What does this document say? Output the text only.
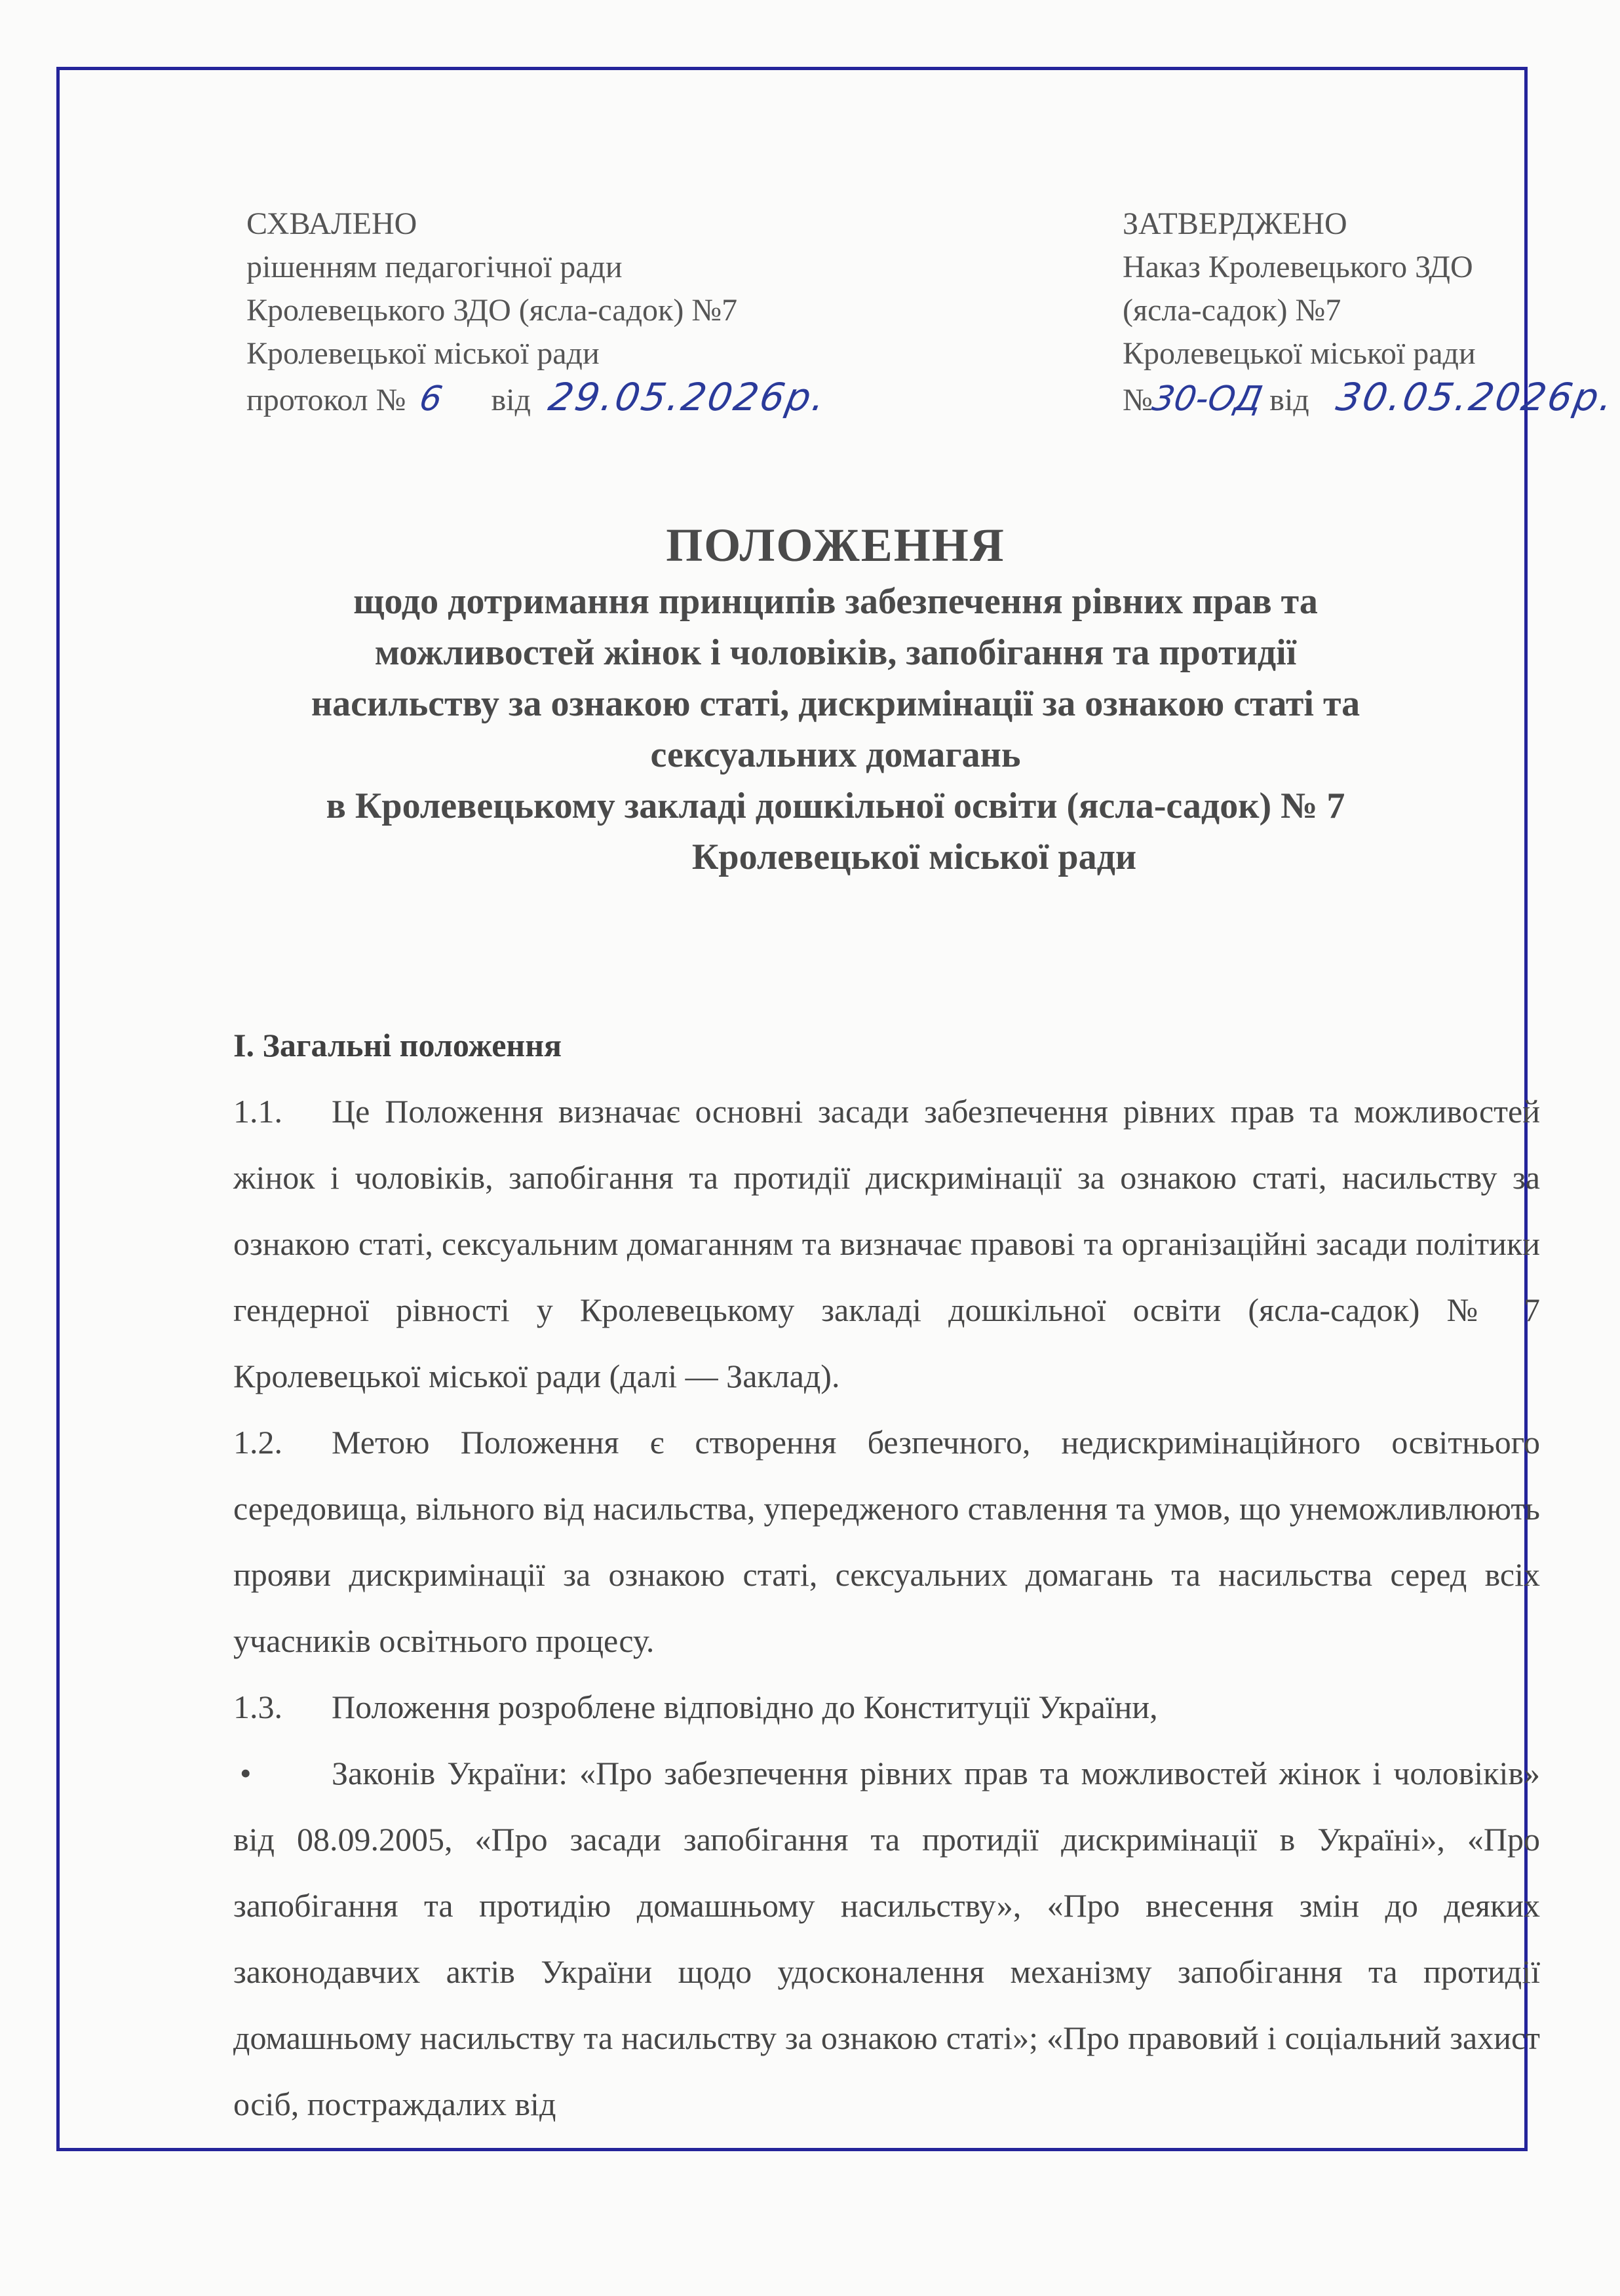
СХВАЛЕНО
рішенням педагогічної ради
Кролевецького ЗДО (ясла-садок) №7
Кролевецької міської ради
протокол № 6 від 29.05.2026р.
ЗАТВЕРДЖЕНО
Наказ Кролевецького ЗДО
(ясла-садок) №7
Кролевецької міської ради
№30-ОД від 30.05.2026р.
ПОЛОЖЕННЯ
щодо дотримання принципів забезпечення рівних прав та
можливостей жінок і чоловіків, запобігання та протидії
насильству за ознакою статі, дискримінації за ознакою статі та
сексуальних домагань
в Кролевецькому закладі дошкільної освіти (ясла-садок) № 7
Кролевецької міської ради
І. Загальні положення

1.1. Це Положення визначає основні засади забезпечення рівних прав та можливостей жінок і чоловіків, запобігання та протидії дискримінації за ознакою статі, насильству за ознакою статі, сексуальним домаганням та визначає правові та організаційні засади політики гендерної рівності у Кролевецькому закладі дошкільної освіти (ясла-садок) № 7 Кролевецької міської ради (далі — Заклад).

1.2. Метою Положення є створення безпечного, недискримінаційного освітнього середовища, вільного від насильства, упередженого ставлення та умов, що унеможливлюють прояви дискримінації за ознакою статі, сексуальних домагань та насильства серед всіх учасників освітнього процесу.

1.3. Положення розроблене відповідно до Конституції України,

• Законів України: «Про забезпечення рівних прав та можливостей жінок і чоловіків» від 08.09.2005, «Про засади запобігання та протидії дискримінації в Україні», «Про запобігання та протидію домашньому насильству», «Про внесення змін до деяких законодавчих актів України щодо удосконалення механізму запобігання та протидії домашньому насильству та насильству за ознакою статі»; «Про правовий і соціальний захист осіб, постраждалих від
